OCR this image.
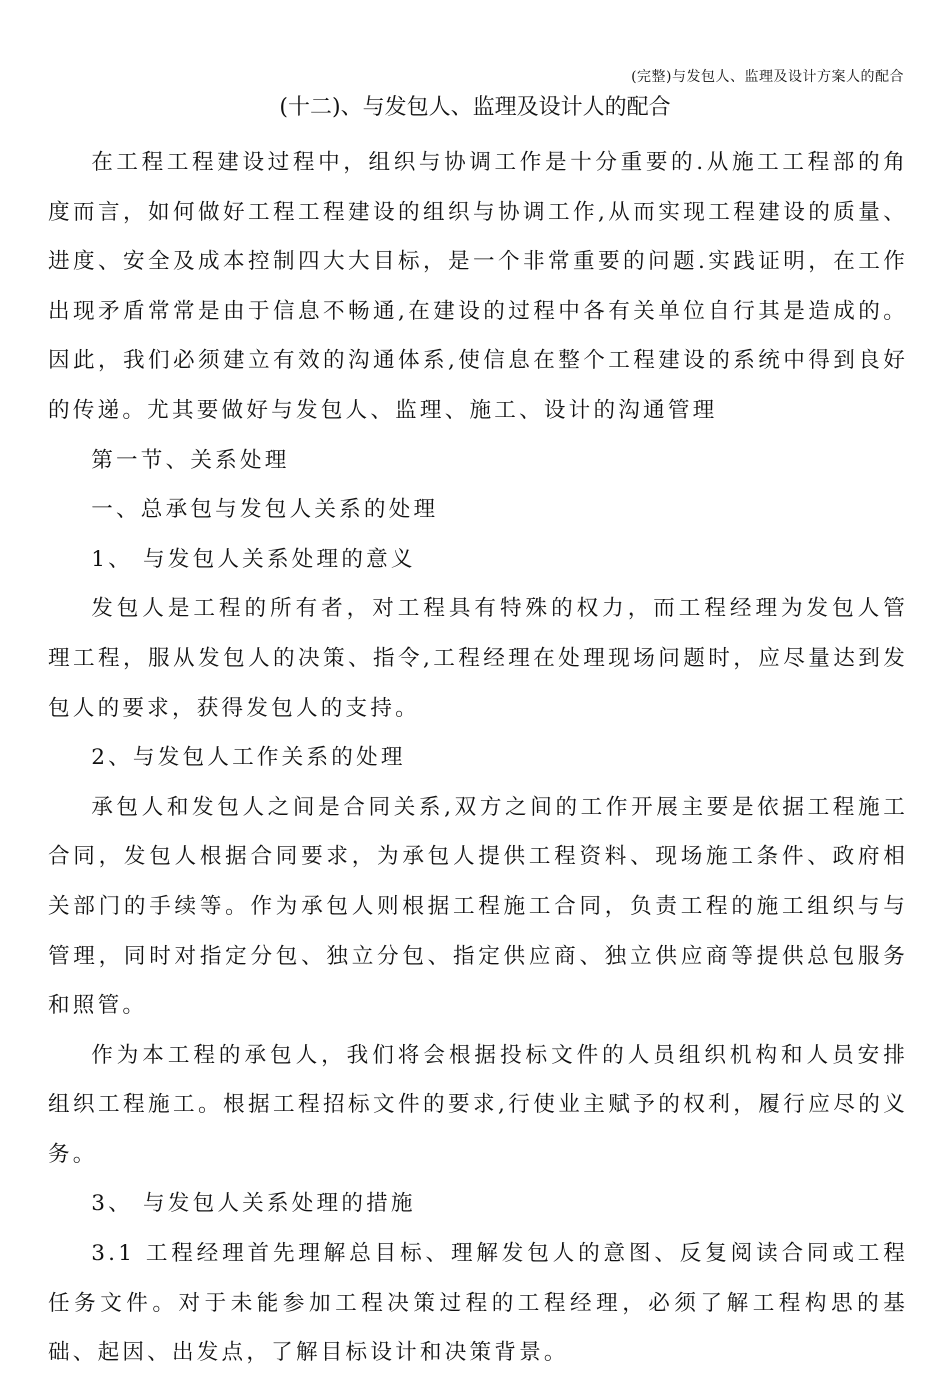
(完整)与发包人、监理及设计方案人的配合
(十二)、与发包人、监理及设计人的配合

在工程工程建设过程中，组织与协调工作是十分重要的.从施工工程部的角度而言，如何做好工程工程建设的组织与协调工作,从而实现工程建设的质量、进度、安全及成本控制四大大目标，是一个非常重要的问题.实践证明，在工作出现矛盾常常是由于信息不畅通,在建设的过程中各有关单位自行其是造成的。因此，我们必须建立有效的沟通体系,使信息在整个工程建设的系统中得到良好的传递。尤其要做好与发包人、监理、施工、设计的沟通管理

第一节、关系处理

一、总承包与发包人关系的处理

1、 与发包人关系处理的意义

发包人是工程的所有者，对工程具有特殊的权力，而工程经理为发包人管理工程，服从发包人的决策、指令,工程经理在处理现场问题时，应尽量达到发包人的要求，获得发包人的支持。

2、与发包人工作关系的处理

承包人和发包人之间是合同关系,双方之间的工作开展主要是依据工程施工合同，发包人根据合同要求，为承包人提供工程资料、现场施工条件、政府相关部门的手续等。作为承包人则根据工程施工合同，负责工程的施工组织与与管理，同时对指定分包、独立分包、指定供应商、独立供应商等提供总包服务和照管。

作为本工程的承包人，我们将会根据投标文件的人员组织机构和人员安排组织工程施工。根据工程招标文件的要求,行使业主赋予的权利，履行应尽的义务。

3、 与发包人关系处理的措施

3.1 工程经理首先理解总目标、理解发包人的意图、反复阅读合同或工程任务文件。对于未能参加工程决策过程的工程经理，必须了解工程构思的基础、起因、出发点，了解目标设计和决策背景。
